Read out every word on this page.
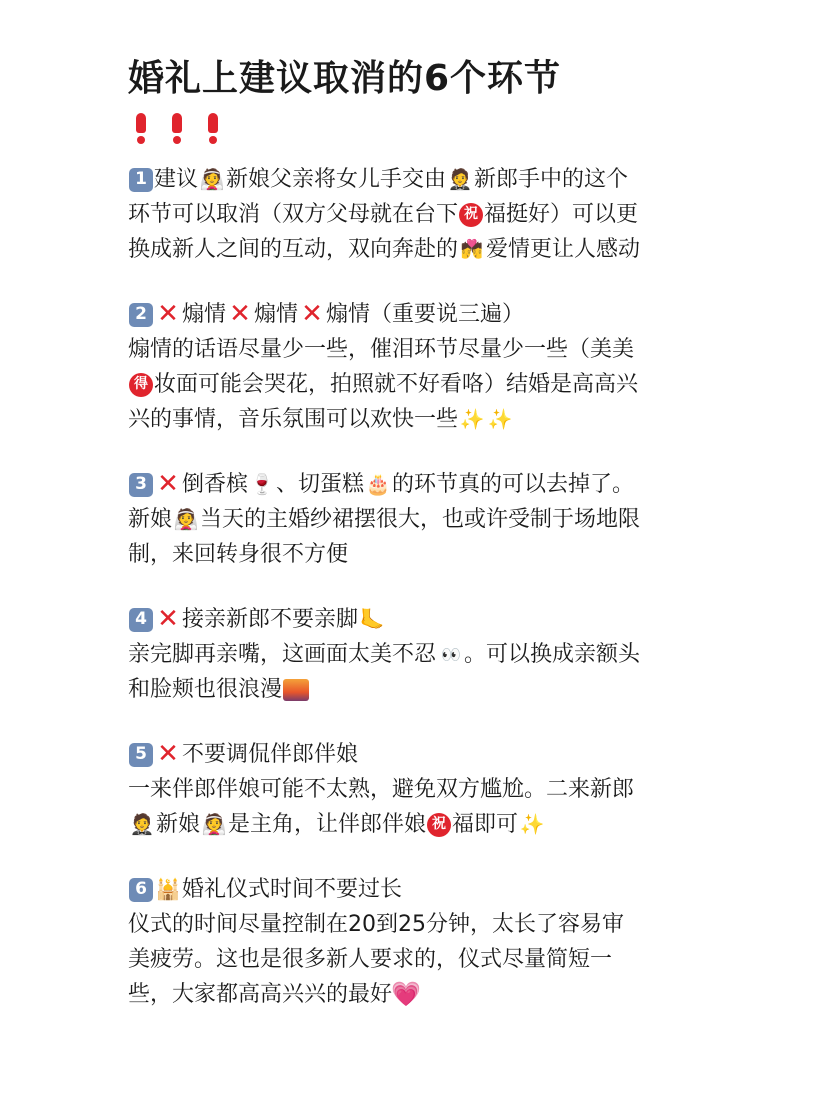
婚礼上建议取消的6个环节
1 建议 👰 新娘父亲将女儿手交由 🤵 新郎手中的这个
环节可以取消（双方父母就在台下 祝 福挺好）可以更
换成新人之间的互动，双向奔赴的 💏 爱情更让人感动
2 ✕ 煽情 ✕ 煽情 ✕ 煽情（重要说三遍）
煽情的话语尽量少一些，催泪环节尽量少一些（美美
得 妆面可能会哭花，拍照就不好看咯）结婚是高高兴
兴的事情，音乐氛围可以欢快一些 ✨ ✨
3 ✕ 倒香槟 🍷 、切蛋糕 🎂 的环节真的可以去掉了。
新娘 👰 当天的主婚纱裙摆很大，也或许受制于场地限
制，来回转身很不方便
4 ✕ 接亲新郎不要亲脚 🦶
亲完脚再亲嘴，这画面太美不忍 👀 。可以换成亲额头
和脸颊也很浪漫
5 ✕ 不要调侃伴郎伴娘
一来伴郎伴娘可能不太熟，避免双方尴尬。二来新郎
🤵 新娘 👰 是主角，让伴郎伴娘 祝 福即可 ✨
6 🕌 婚礼仪式时间不要过长
仪式的时间尽量控制在20到25分钟，太长了容易审
美疲劳。这也是很多新人要求的，仪式尽量简短一
些，大家都高高兴兴的最好 💗
